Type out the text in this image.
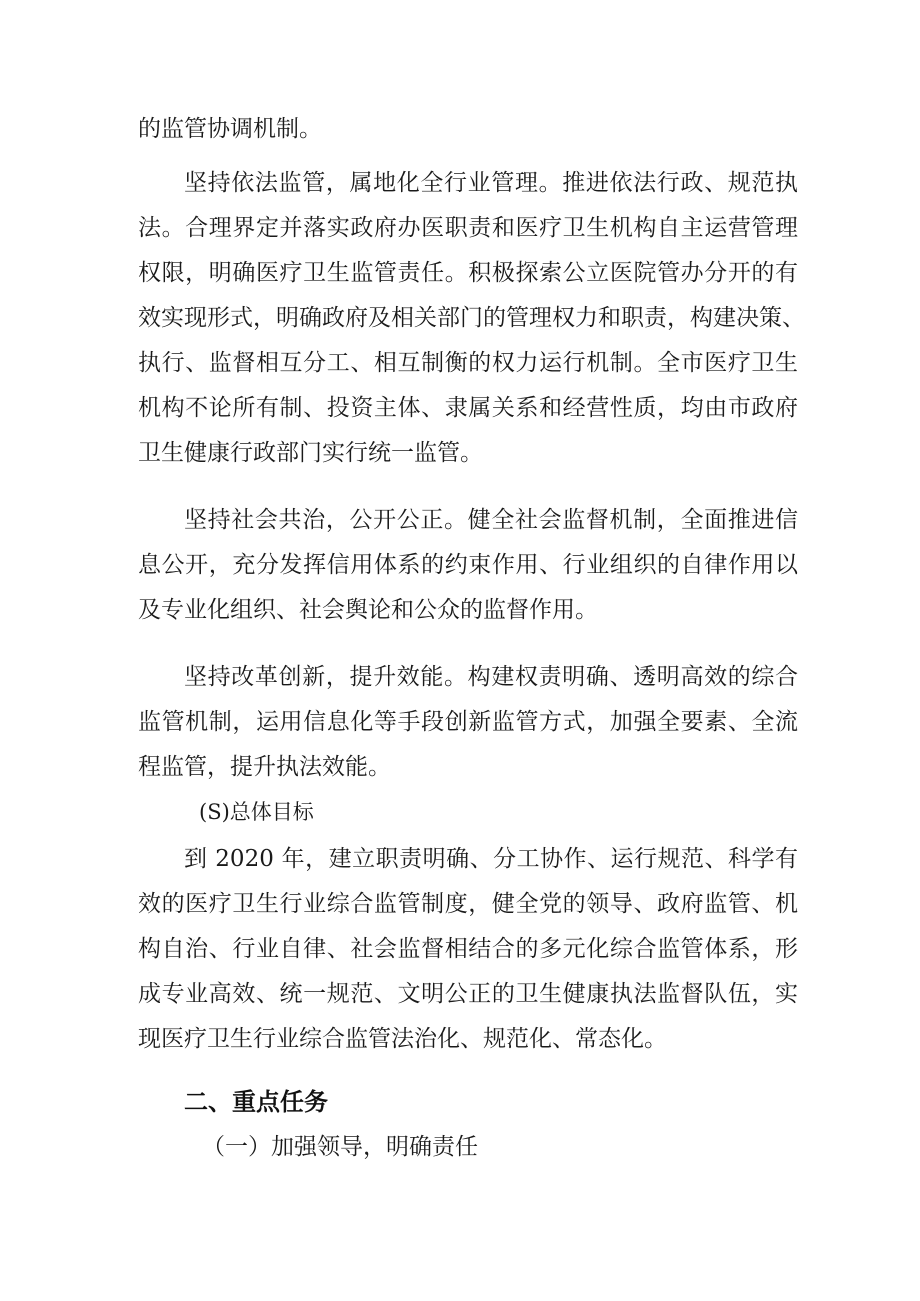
的监管协调机制。
坚持依法监管，属地化全行业管理。推进依法行政、规范执
法。合理界定并落实政府办医职责和医疗卫生机构自主运营管理
权限，明确医疗卫生监管责任。积极探索公立医院管办分开的有
效实现形式，明确政府及相关部门的管理权力和职责，构建决策、
执行、监督相互分工、相互制衡的权力运行机制。全市医疗卫生
机构不论所有制、投资主体、隶属关系和经营性质，均由市政府
卫生健康行政部门实行统一监管。
坚持社会共治，公开公正。健全社会监督机制，全面推进信
息公开，充分发挥信用体系的约束作用、行业组织的自律作用以
及专业化组织、社会舆论和公众的监督作用。
坚持改革创新，提升效能。构建权责明确、透明高效的综合
监管机制，运用信息化等手段创新监管方式，加强全要素、全流
程监管，提升执法效能。
(S)总体目标
到 2020 年，建立职责明确、分工协作、运行规范、科学有
效的医疗卫生行业综合监管制度，健全党的领导、政府监管、机
构自治、行业自律、社会监督相结合的多元化综合监管体系，形
成专业高效、统一规范、文明公正的卫生健康执法监督队伍，实
现医疗卫生行业综合监管法治化、规范化、常态化。
二、重点任务
（一）加强领导，明确责任
